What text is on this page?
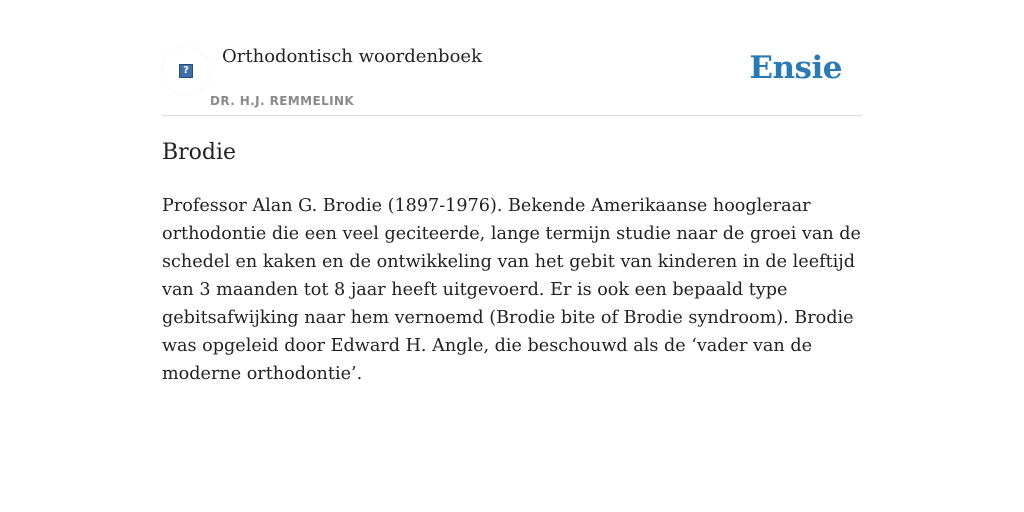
?
Orthodontisch woordenboek
DR. H.J. REMMELINK
Ensie
Brodie

Professor Alan G. Brodie (1897-1976). Bekende Amerikaanse hoogleraar orthodontie die een veel geciteerde, lange termijn studie naar de groei van de schedel en kaken en de ontwikkeling van het gebit van kinderen in de leeftijd van 3 maanden tot 8 jaar heeft uitgevoerd. Er is ook een bepaald type gebitsafwijking naar hem vernoemd (Brodie bite of Brodie syndroom). Brodie was opgeleid door Edward H. Angle, die beschouwd als de ‘vader van de moderne orthodontie’.
